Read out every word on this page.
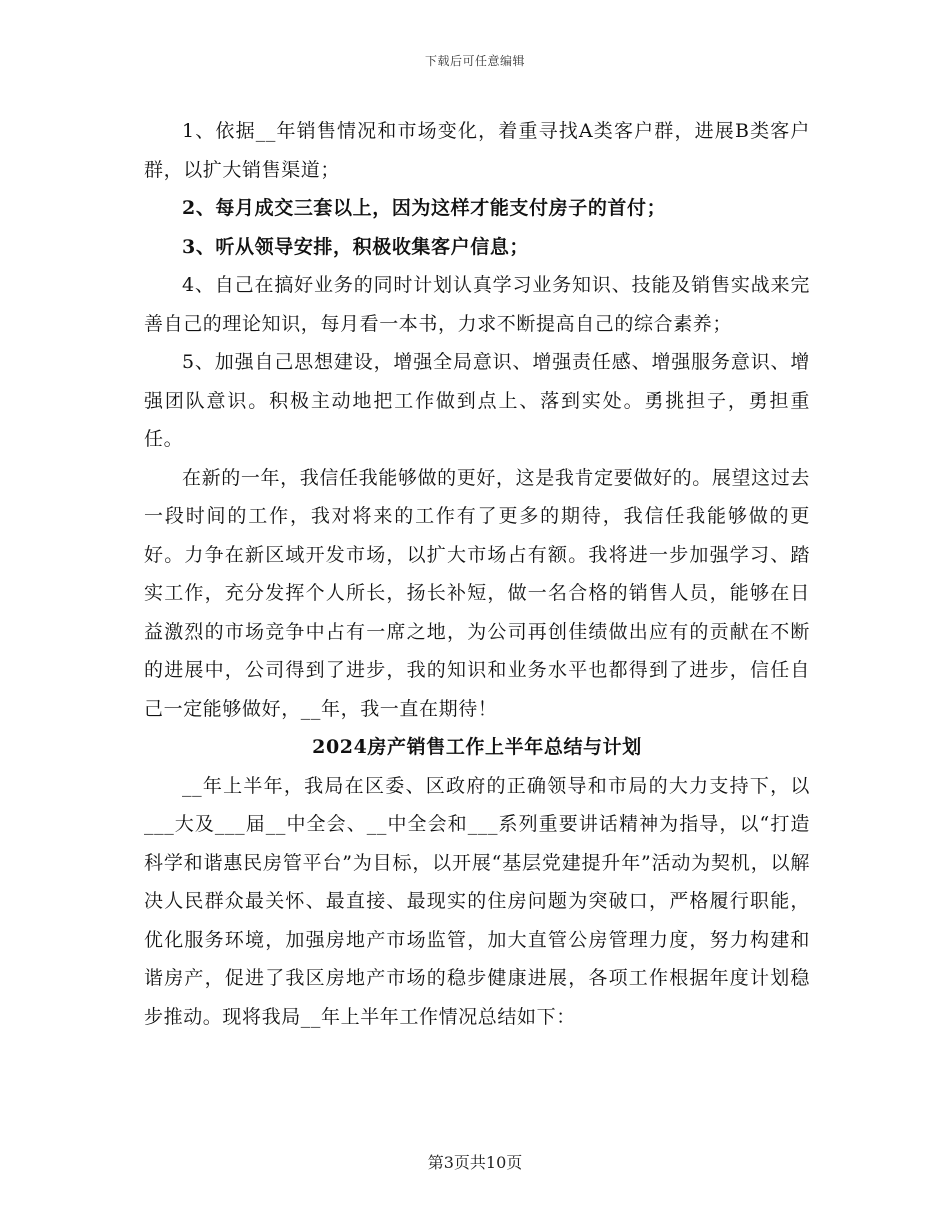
下载后可任意编辑

1、依据__年销售情况和市场变化，着重寻找A类客户群，进展B类客户群，以扩大销售渠道；

2、每月成交三套以上，因为这样才能支付房子的首付；

3、听从领导安排，积极收集客户信息；

4、自己在搞好业务的同时计划认真学习业务知识、技能及销售实战来完善自己的理论知识，每月看一本书，力求不断提高自己的综合素养；

5、加强自己思想建设，增强全局意识、增强责任感、增强服务意识、增强团队意识。积极主动地把工作做到点上、落到实处。勇挑担子，勇担重任。

在新的一年，我信任我能够做的更好，这是我肯定要做好的。展望这过去一段时间的工作，我对将来的工作有了更多的期待，我信任我能够做的更好。力争在新区域开发市场，以扩大市场占有额。我将进一步加强学习、踏实工作，充分发挥个人所长，扬长补短，做一名合格的销售人员，能够在日益激烈的市场竞争中占有一席之地，为公司再创佳绩做出应有的贡献在不断的进展中，公司得到了进步，我的知识和业务水平也都得到了进步，信任自己一定能够做好，__年，我一直在期待！

2024房产销售工作上半年总结与计划

__年上半年，我局在区委、区政府的正确领导和市局的大力支持下，以___大及___届__中全会、__中全会和___系列重要讲话精神为指导，以“打造科学和谐惠民房管平台”为目标，以开展“基层党建提升年”活动为契机，以解决人民群众最关怀、最直接、最现实的住房问题为突破口，严格履行职能，优化服务环境，加强房地产市场监管，加大直管公房管理力度，努力构建和谐房产，促进了我区房地产市场的稳步健康进展，各项工作根据年度计划稳步推动。现将我局__年上半年工作情况总结如下：

第3页共10页
